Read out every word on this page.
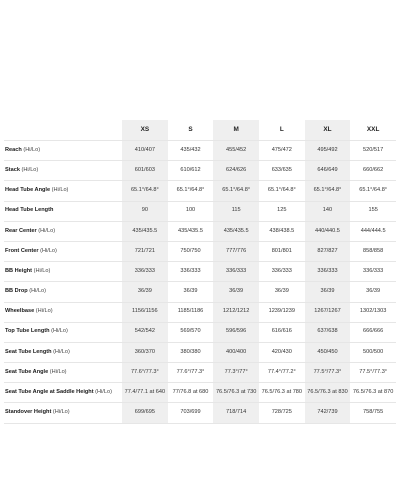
	XS	S	M	L	XL	XXL
Reach (Hi/Lo)	410/407	435/432	455/452	475/472	495/492	520/517
Stack (Hi/Lo)	601/603	610/612	624/626	633/635	646/649	660/662
Head Tube Angle (Hi/Lo)	65.1°/64.8°	65.1°/64.8°	65.1°/64.8°	65.1°/64.8°	65.1°/64.8°	65.1°/64.8°
Head Tube Length	90	100	115	125	140	155
Rear Center (Hi/Lo)	435/435.5	435/435.5	435/435.5	438/438.5	440/440.5	444/444.5
Front Center (Hi/Lo)	721/721	750/750	777/776	801/801	827/827	858/858
BB Height (Hi/Lo)	336/333	336/333	336/333	336/333	336/333	336/333
BB Drop (Hi/Lo)	36/39	36/39	36/39	36/39	36/39	36/39
Wheelbase (Hi/Lo)	1156/1156	1185/1186	1212/1212	1239/1239	1267/1267	1302/1303
Top Tube Length (Hi/Lo)	542/542	569/570	596/596	616/616	637/638	666/666
Seat Tube Length (Hi/Lo)	360/370	380/380	400/400	420/430	450/450	500/500
Seat Tube Angle (Hi/Lo)	77.6°/77.3°	77.6°/77.3°	77.3°/77°	77.4°/77.2°	77.5°/77.3°	77.5°/77.3°
Seat Tube Angle at Saddle Height (Hi/Lo)	77.4/77.1 at 640	77/76.8 at 680	76.5/76.3 at 730	76.5/76.3 at 780	76.5/76.3 at 830	76.5/76.3 at 870
Standover Height (Hi/Lo)	699/695	703/699	718/714	728/725	742/739	758/755
